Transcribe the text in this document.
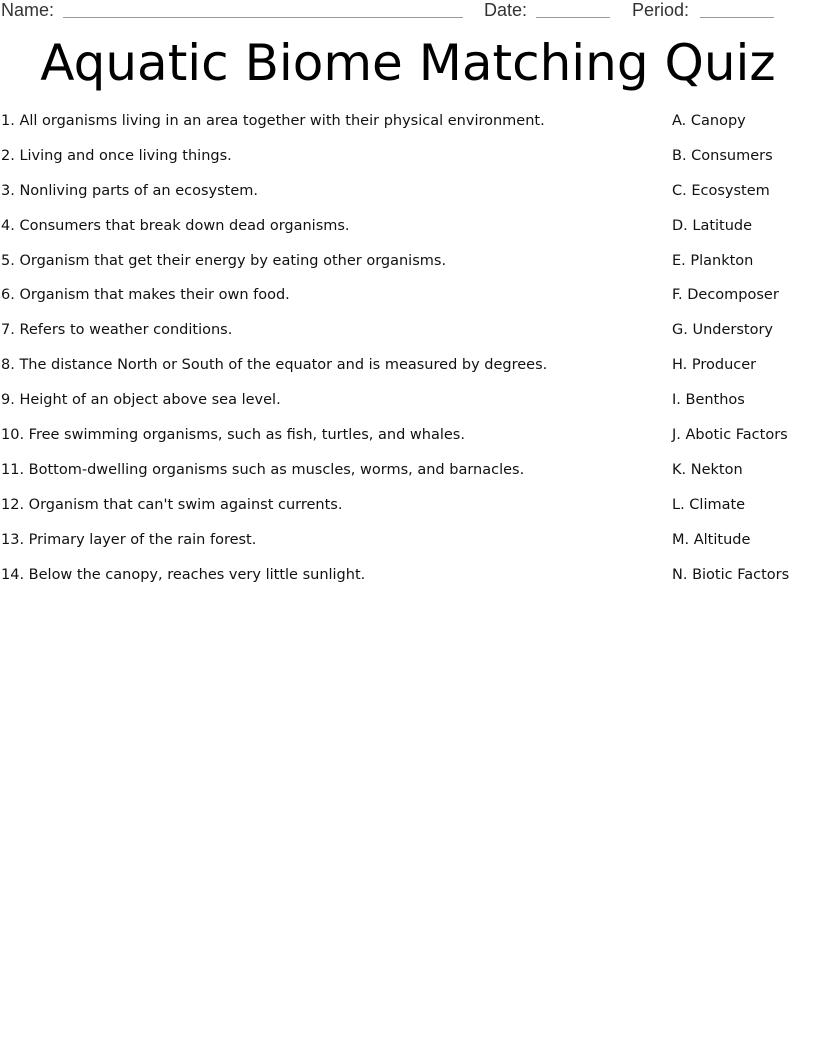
Name:	Date:	Period:
Aquatic Biome Matching Quiz
1. All organisms living in an area together with their physical environment.	A. Canopy
2. Living and once living things.	B. Consumers
3. Nonliving parts of an ecosystem.	C. Ecosystem
4. Consumers that break down dead organisms.	D. Latitude
5. Organism that get their energy by eating other organisms.	E. Plankton
6. Organism that makes their own food.	F. Decomposer
7. Refers to weather conditions.	G. Understory
8. The distance North or South of the equator and is measured by degrees.	H. Producer
9. Height of an object above sea level.	I. Benthos
10. Free swimming organisms, such as fish, turtles, and whales.	J. Abotic Factors
11. Bottom-dwelling organisms such as muscles, worms, and barnacles.	K. Nekton
12. Organism that can't swim against currents.	L. Climate
13. Primary layer of the rain forest.	M. Altitude
14. Below the canopy, reaches very little sunlight.	N. Biotic Factors
